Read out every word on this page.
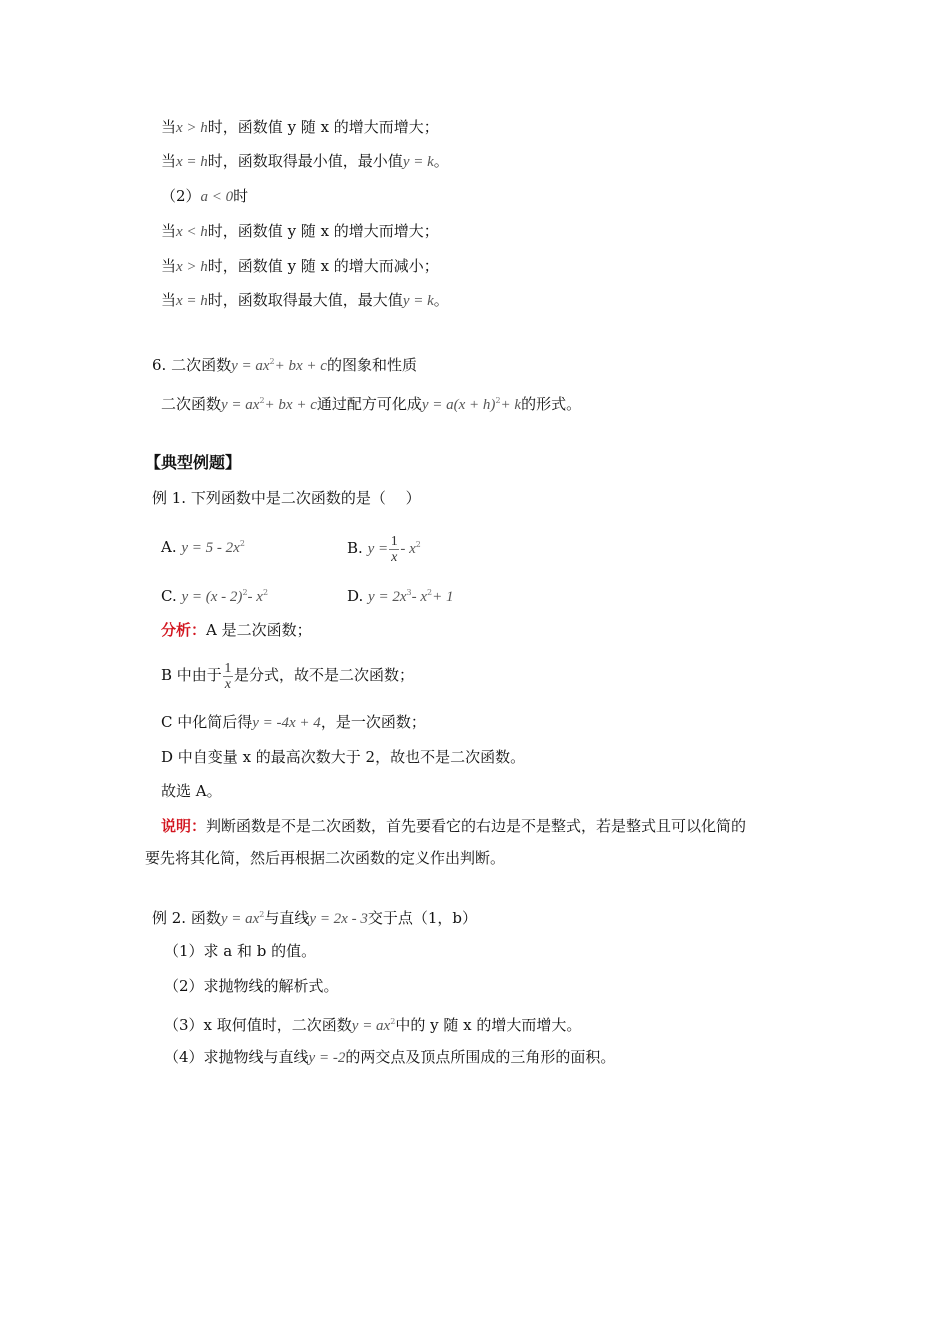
当x > h时，函数值 y 随 x 的增大而增大；
当x = h时，函数取得最小值，最小值y = k。
（2）a < 0时
当x < h时，函数值 y 随 x 的增大而增大；
当x > h时，函数值 y 随 x 的增大而减小；
当x = h时，函数取得最大值，最大值y = k。
6. 二次函数$y = ax^2+$ bx + c的图象和性质
二次函数$y = ax^2+$ bx + c通过配方可化成$y = a(x + h)^2+ k$的形式。
【典型例题】
例 1. 下列函数中是二次函数的是（　 ）
A. $y = 5 - 2x^2$	B. $y = \frac{1}{x} - x^2$
C. y = (x - 2)$^2$- $x^2$	D. $y = 2x^3-$ $x^2+ 1$
分析：A 是二次函数；
B 中由于 $\frac{1}{x}$ 是分式，故不是二次函数；
C 中化简后得y = -4x + 4，是一次函数；
D 中自变量 x 的最高次数大于 2，故也不是二次函数。
故选 A。
说明：判断函数是不是二次函数，首先要看它的右边是不是整式，若是整式且可以化简的
要先将其化简，然后再根据二次函数的定义作出判断。
例 2. 函数$y = ax^2$与直线y = 2x - 3交于点（1，b）
（1）求 a 和 b 的值。
（2）求抛物线的解析式。
（3）x 取何值时，二次函数$y = ax^2$中的 y 随 x 的增大而增大。
（4）求抛物线与直线y = -2的两交点及顶点所围成的三角形的面积。
